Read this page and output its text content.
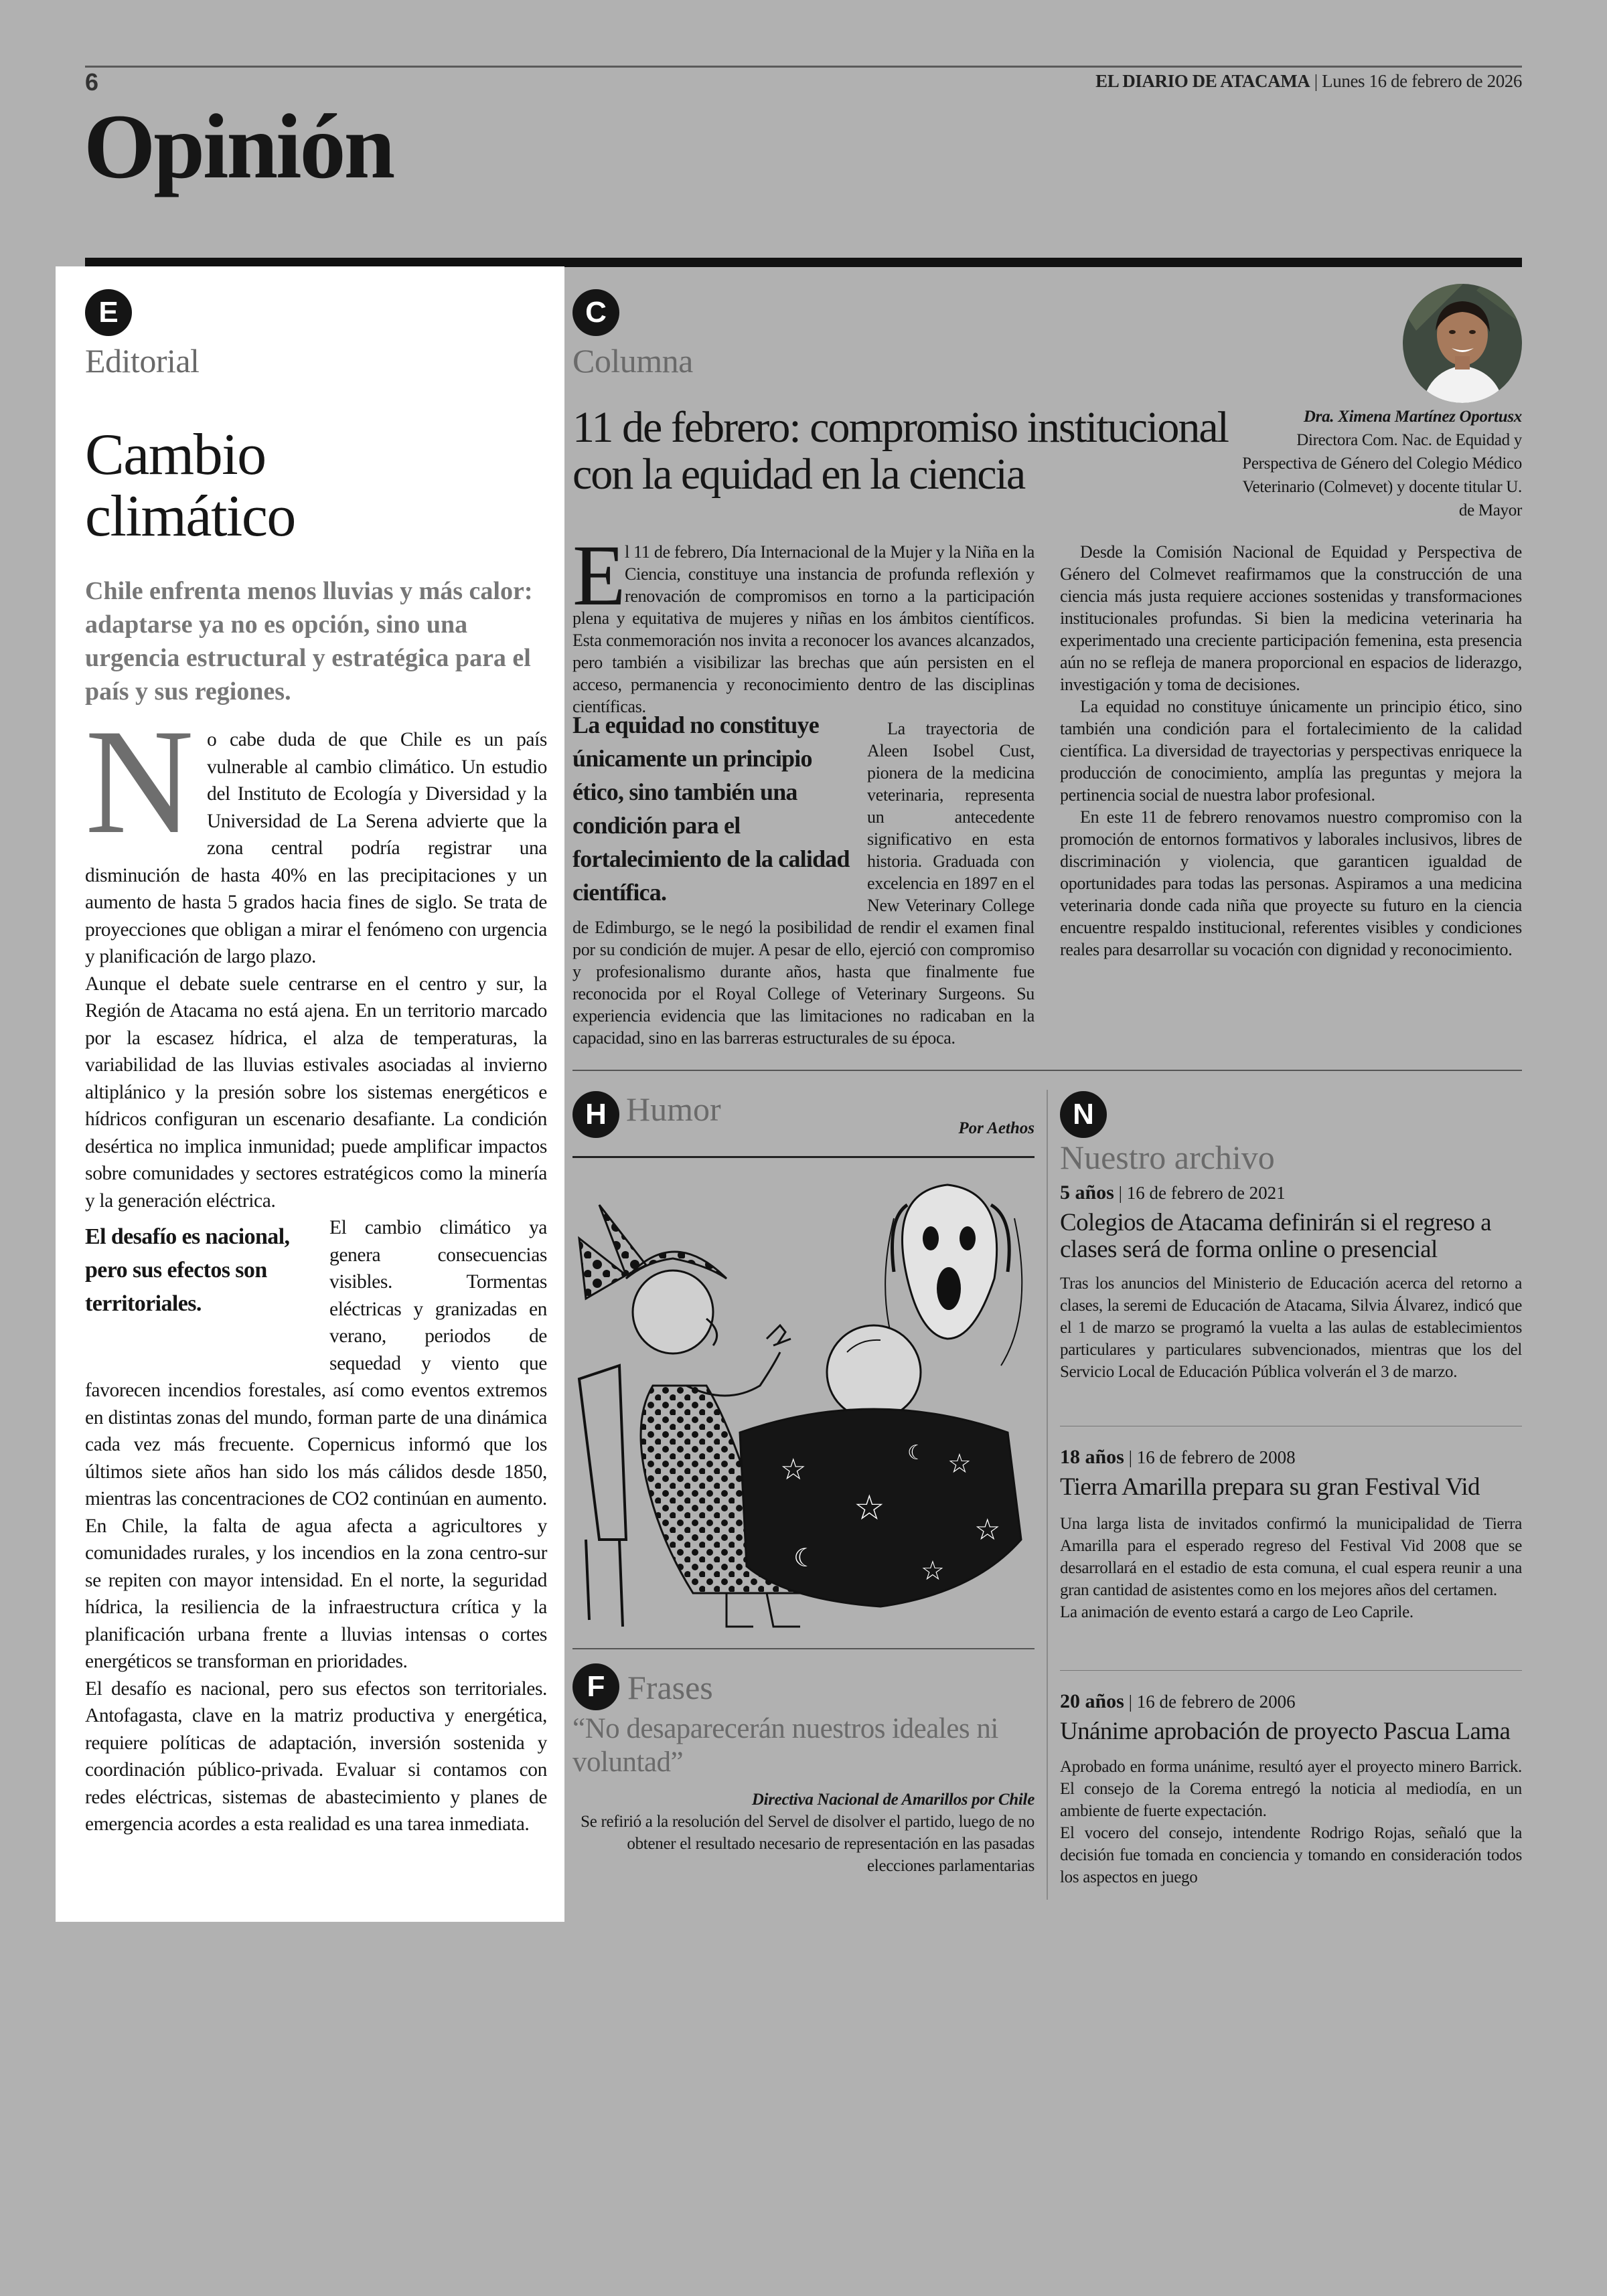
6	EL DIARIO DE ATACAMA | Lunes 16 de febrero de 2026
Opinión
E
Editorial
Cambio
climático
Chile enfrenta menos lluvias y más calor: adaptarse ya no es opción, sino una urgencia estructural y estratégica para el país y sus regiones.
N o cabe duda de que Chile es un país vulnerable al cambio climático. Un estudio del Instituto de Ecología y Diversidad y la Universidad de La Serena advierte que la zona central podría registrar una disminución de hasta 40% en las precipitaciones y un aumento de hasta 5 grados hacia fines de siglo. Se trata de proyecciones que obligan a mirar el fenómeno con urgencia y planificación de largo plazo.

Aunque el debate suele centrarse en el centro y sur, la Región de Atacama no está ajena. En un territorio marcado por la escasez hídrica, el alza de temperaturas, la variabilidad de las lluvias estivales asociadas al invierno altiplánico y la presión sobre los sistemas energéticos e hídricos configuran un escenario desafiante. La condición desértica no implica inmunidad; puede amplificar impactos sobre comunidades y sectores estratégicos como la minería y la generación eléctrica.

El cambio climático ya genera consecuencias visibles. Tormentas eléctricas y granizadas en verano, periodos de sequedad y viento que favorecen incendios forestales, así como eventos extremos en distintas zonas del mundo, forman parte de una dinámica cada vez más frecuente. Copernicus informó que los últimos siete años han sido los más cálidos desde 1850, mientras las concentraciones de CO2 continúan en aumento.

En Chile, la falta de agua afecta a agricultores y comunidades rurales, y los incendios en la zona centro-sur se repiten con mayor intensidad. En el norte, la seguridad hídrica, la resiliencia de la infraestructura crítica y la planificación urbana frente a lluvias intensas o cortes energéticos se transforman en prioridades.

El desafío es nacional, pero sus efectos son territoriales. Antofagasta, clave en la matriz productiva y energética, requiere políticas de adaptación, inversión sostenida y coordinación público-privada. Evaluar si contamos con redes eléctricas, sistemas de abastecimiento y planes de emergencia acordes a esta realidad es una tarea inmediata.

El desafío es nacional, pero sus efectos son territoriales.
C
Columna
11 de febrero: compromiso institucional con la equidad en la ciencia
Dra. Ximena Martínez Oportusx
Directora Com. Nac. de Equidad y Perspectiva de Género del Colegio Médico Veterinario (Colmevet) y docente titular U. de Mayor
E

l 11 de febrero, Día Internacional de la Mujer y la Niña en la Ciencia, constituye una instancia de profunda reflexión y renovación de compromisos en torno a la participación plena y equitativa de mujeres y niñas en los ámbitos científicos. Esta conmemoración nos invita a reconocer los avances alcanzados, pero también a visibilizar las brechas que aún persisten en el acceso, permanencia y reconocimiento dentro de las disciplinas científicas.

La trayectoria de Aleen Isobel Cust, pionera de la medicina veterinaria, representa un antecedente significativo en esta historia. Graduada con excelencia en 1897 en el New Veterinary College de Edimburgo, se le negó la posibilidad de rendir el examen final por su condición de mujer. A pesar de ello, ejerció con compromiso y profesionalismo durante años, hasta que finalmente fue reconocida por el Royal College of Veterinary Surgeons. Su experiencia evidencia que las limitaciones no radicaban en la capacidad, sino en las barreras estructurales de su época.

La equidad no constituye únicamente un principio ético, sino también una condición para el fortalecimiento de la calidad científica.

Desde la Comisión Nacional de Equidad y Perspectiva de Género del Colmevet reafirmamos que la construcción de una ciencia más justa requiere acciones sostenidas y transformaciones institucionales profundas. Si bien la medicina veterinaria ha experimentado una creciente participación femenina, esta presencia aún no se refleja de manera proporcional en espacios de liderazgo, investigación y toma de decisiones.

La equidad no constituye únicamente un principio ético, sino también una condición para el fortalecimiento de la calidad científica. La diversidad de trayectorias y perspectivas enriquece la producción de conocimiento, amplía las preguntas y mejora la pertinencia social de nuestra labor profesional.

En este 11 de febrero renovamos nuestro compromiso con la promoción de entornos formativos y laborales inclusivos, libres de discriminación y violencia, que garanticen igualdad de oportunidades para todas las personas. Aspiramos a una medicina veterinaria donde cada niña que proyecte su futuro en la ciencia encuentre respaldo institucional, referentes visibles y condiciones reales para desarrollar su vocación con dignidad y reconocimiento.

H Humor
Por Aethos
☆
☆
☆
☆
☾	☆
☾
F Frases
“No desaparecerán nuestros ideales ni voluntad”
Directiva Nacional de Amarillos por Chile
Se refirió a la resolución del Servel de disolver el partido, luego de no obtener el resultado necesario de representación en las pasadas elecciones parlamentarias
N
Nuestro archivo
5 años | 16 de febrero de 2021
Colegios de Atacama definirán si el regreso a clases será de forma online o presencial

Tras los anuncios del Ministerio de Educación acerca del retorno a clases, la seremi de Educación de Atacama, Silvia Álvarez, indicó que el 1 de marzo se programó la vuelta a las aulas de establecimientos particulares y particulares subvencionados, mientras que los del Servicio Local de Educación Pública volverán el 3 de marzo.

18 años | 16 de febrero de 2008
Tierra Amarilla prepara su gran Festival Vid

Una larga lista de invitados confirmó la municipalidad de Tierra Amarilla para el esperado regreso del Festival Vid 2008 que se desarrollará en el estadio de esta comuna, el cual espera reunir a una gran cantidad de asistentes como en los mejores años del certamen.

La animación de evento estará a cargo de Leo Caprile.

20 años | 16 de febrero de 2006
Unánime aprobación de proyecto Pascua Lama

Aprobado en forma unánime, resultó ayer el proyecto minero Barrick. El consejo de la Corema entregó la noticia al mediodía, en un ambiente de fuerte expectación.

El vocero del consejo, intendente Rodrigo Rojas, señaló que la decisión fue tomada en conciencia y tomando en consideración todos los aspectos en juego
